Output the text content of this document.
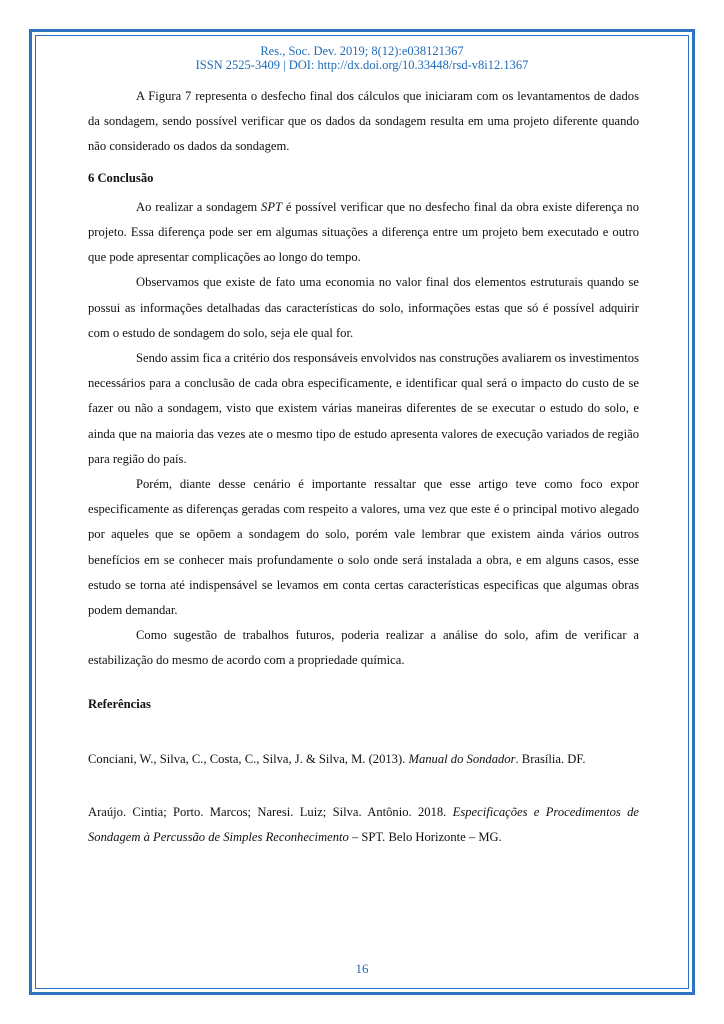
Res., Soc. Dev. 2019; 8(12):e038121367
ISSN 2525-3409 | DOI: http://dx.doi.org/10.33448/rsd-v8i12.1367

A Figura 7 representa o desfecho final dos cálculos que iniciaram com os levantamentos de dados da sondagem, sendo possível verificar que os dados da sondagem resulta em uma projeto diferente quando não considerado os dados da sondagem.

6 Conclusão

Ao realizar a sondagem SPT é possível verificar que no desfecho final da obra existe diferença no projeto. Essa diferença pode ser em algumas situações a diferença entre um projeto bem executado e outro que pode apresentar complicações ao longo do tempo.

Observamos que existe de fato uma economia no valor final dos elementos estruturais quando se possui as informações detalhadas das características do solo, informações estas que só é possível adquirir com o estudo de sondagem do solo, seja ele qual for.

Sendo assim fica a critério dos responsáveis envolvidos nas construções avaliarem os investimentos necessários para a conclusão de cada obra especificamente, e identificar qual será o impacto do custo de se fazer ou não a sondagem, visto que existem várias maneiras diferentes de se executar o estudo do solo, e ainda que na maioria das vezes ate o mesmo tipo de estudo apresenta valores de execução variados de região para região do país.

Porém, diante desse cenário é importante ressaltar que esse artigo teve como foco expor especificamente as diferenças geradas com respeito a valores, uma vez que este é o principal motivo alegado por aqueles que se opõem a sondagem do solo, porém vale lembrar que existem ainda vários outros benefícios em se conhecer mais profundamente o solo onde será instalada a obra, e em alguns casos, esse estudo se torna até indispensável se levamos em conta certas características especificas que algumas obras podem demandar.

Como sugestão de trabalhos futuros, poderia realizar a análise do solo, afim de verificar a estabilização do mesmo de acordo com a propriedade química.

Referências

Conciani, W., Silva, C., Costa, C., Silva, J. & Silva, M. (2013). Manual do Sondador. Brasília. DF.

Araújo. Cintia; Porto. Marcos; Naresi. Luiz; Silva. Antônio. 2018. Especificações e Procedimentos de Sondagem à Percussão de Simples Reconhecimento – SPT. Belo Horizonte – MG.

16
